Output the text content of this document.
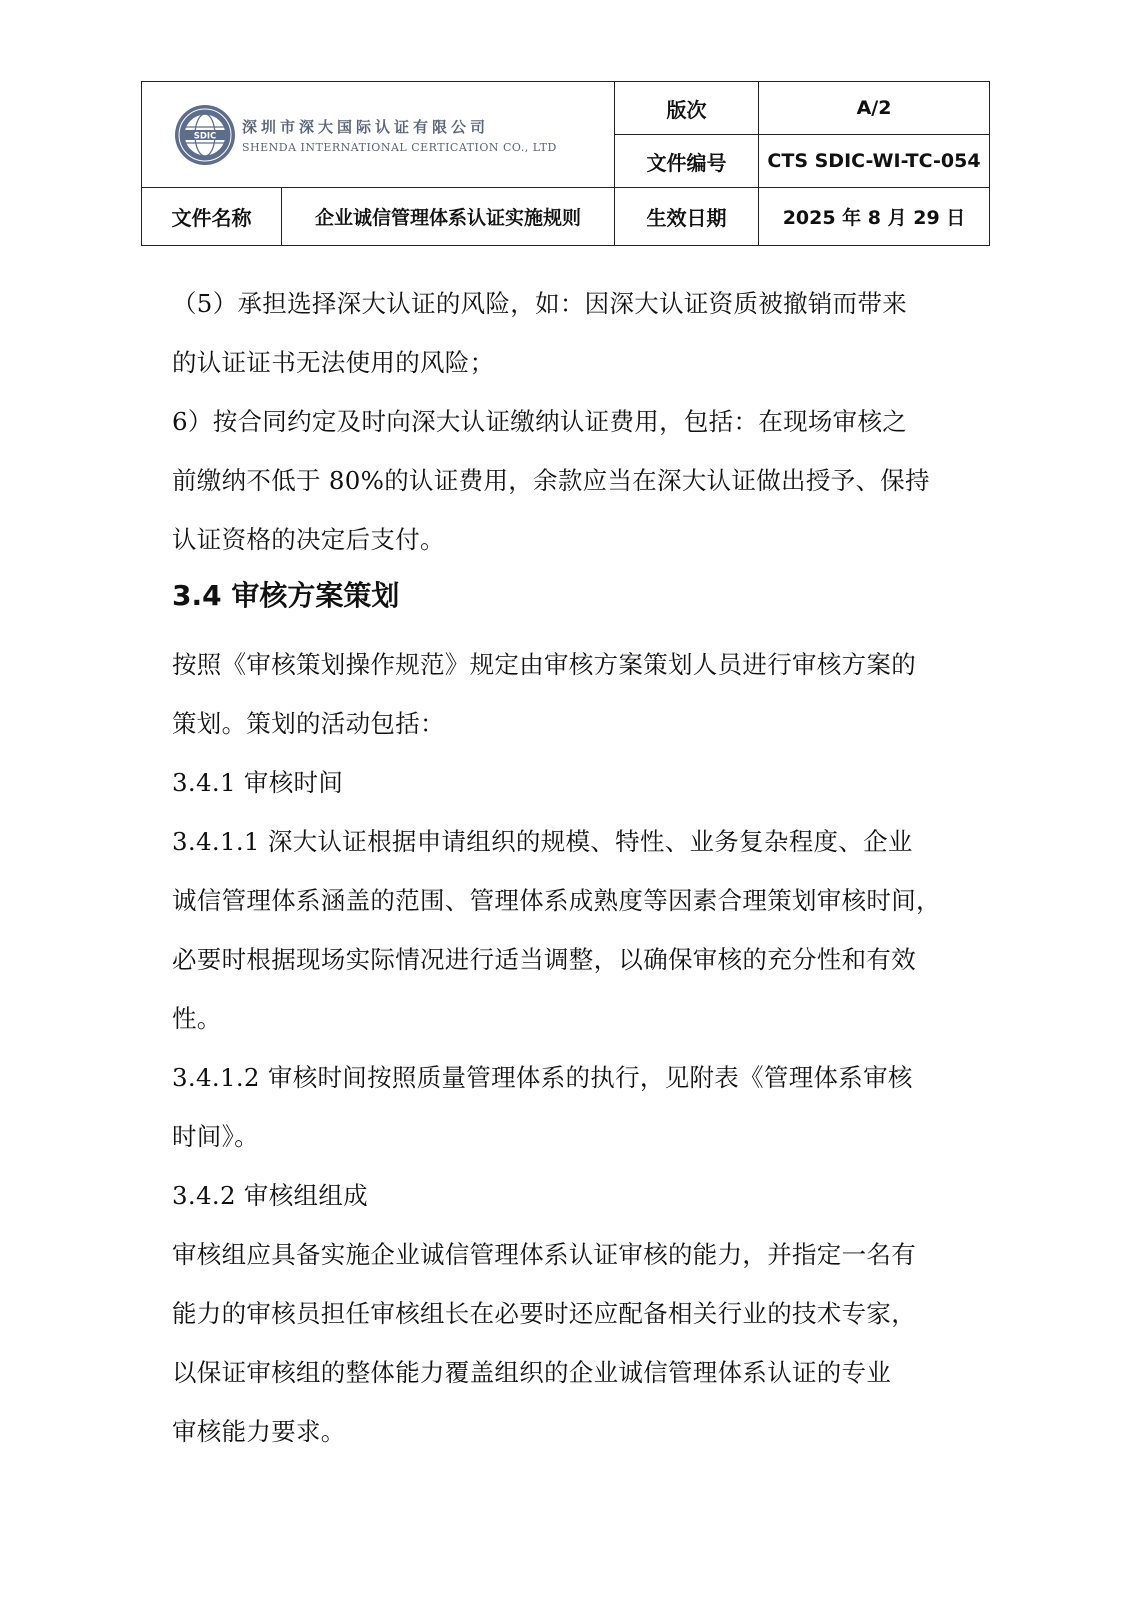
SDIC
深圳市深大国际认证有限公司
SHENDA INTERNATIONAL CERTICATION CO., LTD		版次	A/2
		文件编号	CTS SDIC-WI-TC-054
文件名称	企业诚信管理体系认证实施规则	生效日期	2025 年 8 月 29 日

（5）承担选择深大认证的风险，如：因深大认证资质被撤销而带来

的认证证书无法使用的风险；

6）按合同约定及时向深大认证缴纳认证费用，包括：在现场审核之

前缴纳不低于 80%的认证费用，余款应当在深大认证做出授予、保持

认证资格的决定后支付。

3.4 审核方案策划

按照《审核策划操作规范》规定由审核方案策划人员进行审核方案的

策划。策划的活动包括：

3.4.1 审核时间

3.4.1.1 深大认证根据申请组织的规模、特性、业务复杂程度、企业

诚信管理体系涵盖的范围、管理体系成熟度等因素合理策划审核时间，

必要时根据现场实际情况进行适当调整，以确保审核的充分性和有效

性。

3.4.1.2 审核时间按照质量管理体系的执行，见附表《管理体系审核

时间》。

3.4.2 审核组组成

审核组应具备实施企业诚信管理体系认证审核的能力，并指定一名有

能力的审核员担任审核组长在必要时还应配备相关行业的技术专家，

以保证审核组的整体能力覆盖组织的企业诚信管理体系认证的专业

审核能力要求。
